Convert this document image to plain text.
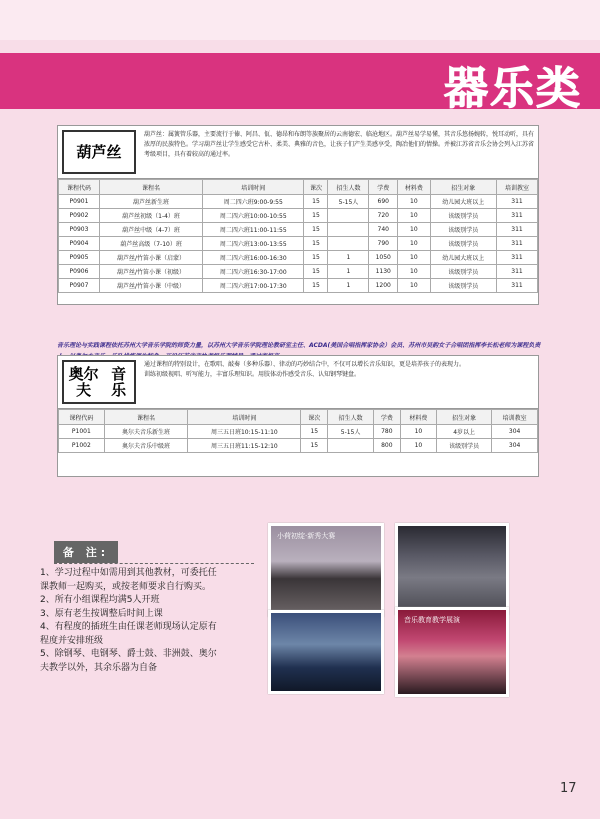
器乐类
葫芦丝
葫芦丝：属簧管乐器，主要流行于傣、阿昌、佤、德昂和布朗等族聚居的云南德宏、临沧地区。葫芦丝易学易懂，其音乐悠扬婉转，悦耳动听，具有浓厚的民族特色。学习葫芦丝让学生感受它古朴、柔美、典雅的音色，让孩子们产生美感享受，陶冶他们的情操。并被江苏省音乐会协会列入江苏省考级项目，具有着较高的通过率。
课程代码	课程名	培训时间	课次	招生人数	学费	材料费	招生对象	培训教室
P0901	葫芦丝新生班	周二四六班9:00-9:55	15	5-15人	690	10	幼儿园大班以上	311
P0902	葫芦丝初级（1-4）班	周二四六班10:00-10:55	15		720	10	该级别学员	311
P0903	葫芦丝中级（4-7）班	周二四六班11:00-11:55	15		740	10	该级别学员	311
P0904	葫芦丝高级（7-10）班	周二四六班13:00-13:55	15		790	10	该级别学员	311
P0905	葫芦丝/竹笛小课（启蒙）	周二四六班16:00-16:30	15	1	1050	10	幼儿园大班以上	311
P0906	葫芦丝/竹笛小课（初级）	周二四六班16:30-17:00	15	1	1130	10	该级别学员	311
P0907	葫芦丝/竹笛小课（中级）	周二四六班17:00-17:30	15	1	1200	10	该级别学员	311
音乐理论与实践课程依托苏州大学音乐学院的师资力量，以苏州大学音乐学院理论教研室主任、ACDA(美国合唱指挥家协会）会员、苏州市吴韵女子合唱团指挥李长松老师为课程负责
奥尔夫

音 乐
通过课程的特别设计，在歌唱、敲奏（多种乐器）、律动的巧妙结合中，不仅可以增长音乐知识，更是培养孩子的表现力。
训练初级视唱、听写能力，丰富乐理知识。用肢体动作感受音乐、认知钢琴键盘。
课程代码	课程名	培训时间	课次	招生人数	学费	材料费	招生对象	培训教室
P1001	奥尔夫音乐新生班	周三五日班10:15-11:10	15	5-15人	780	10	4岁以上	304
P1002	奥尔夫音乐中级班	周三五日班11:15-12:10	15		800	10	该级别学员	304
备 注:
1、学习过程中如需用到其他教材，可委托任
课教师一起购买，或按老师要求自行购买。
2、所有小组课程均满5人开班
3、原有老生按调整后时间上课
4、有程度的插班生由任课老师现场认定原有
程度并安排班级
5、除钢琴、电钢琴、爵士鼓、非洲鼓、奥尔
夫教学以外，其余乐器为自备
小荷初绽·新秀大赛
音乐教育教学展演
17
